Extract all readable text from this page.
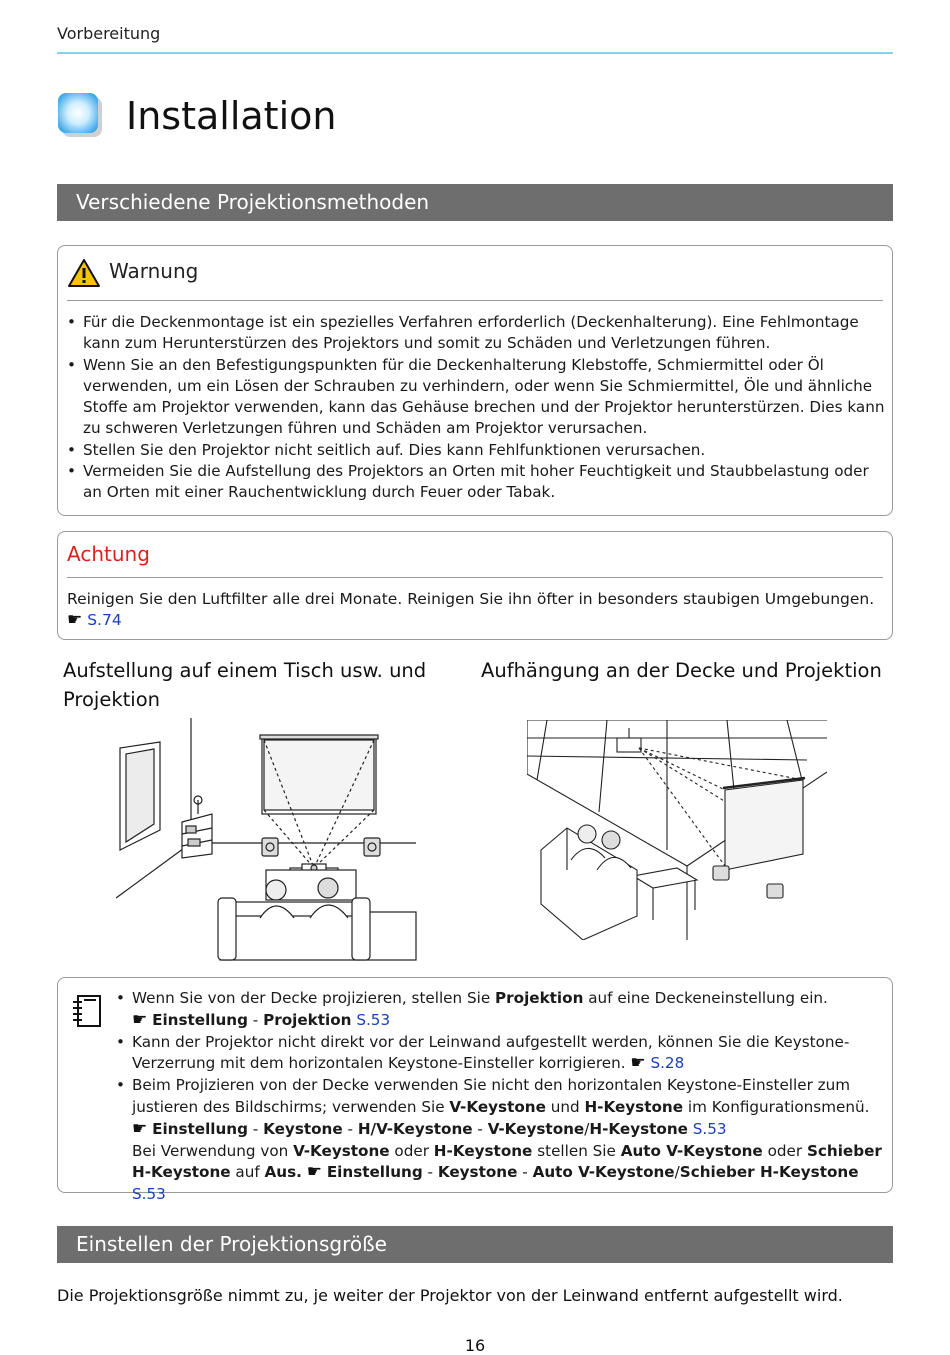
Vorbereitung
Installation
Verschiedene Projektionsmethoden
Warnung
• Für die Deckenmontage ist ein spezielles Verfahren erforderlich (Deckenhalterung). Eine Fehlmontage kann zum Herunterstürzen des Projektors und somit zu Schäden und Verletzungen führen.
• Wenn Sie an den Befestigungspunkten für die Deckenhalterung Klebstoffe, Schmiermittel oder Öl verwenden, um ein Lösen der Schrauben zu verhindern, oder wenn Sie Schmiermittel, Öle und ähnliche Stoffe am Projektor verwenden, kann das Gehäuse brechen und der Projektor herunterstürzen. Dies kann zu schweren Verletzungen führen und Schäden am Projektor verursachen.
• Stellen Sie den Projektor nicht seitlich auf. Dies kann Fehlfunktionen verursachen.
• Vermeiden Sie die Aufstellung des Projektors an Orten mit hoher Feuchtigkeit und Staubbelastung oder an Orten mit einer Rauchentwicklung durch Feuer oder Tabak.
Achtung
Reinigen Sie den Luftfilter alle drei Monate. Reinigen Sie ihn öfter in besonders staubigen Umgebungen.
☛ S.74
Aufstellung auf einem Tisch usw. und Projektion
Aufhängung an der Decke und Projektion
• Wenn Sie von der Decke projizieren, stellen Sie Projektion auf eine Deckeneinstellung ein.
☛ Einstellung - Projektion S.53
• Kann der Projektor nicht direkt vor der Leinwand aufgestellt werden, können Sie die Keystone-Verzerrung mit dem horizontalen Keystone-Einsteller korrigieren. ☛ S.28
• Beim Projizieren von der Decke verwenden Sie nicht den horizontalen Keystone-Einsteller zum justieren des Bildschirms; verwenden Sie V-Keystone und H-Keystone im Konfigurationsmenü.
☛ Einstellung - Keystone - H/V-Keystone - V-Keystone/H-Keystone S.53
Bei Verwendung von V-Keystone oder H-Keystone stellen Sie Auto V-Keystone oder Schieber H-Keystone auf Aus. ☛ Einstellung - Keystone - Auto V-Keystone/Schieber H-Keystone S.53
Einstellen der Projektionsgröße
Die Projektionsgröße nimmt zu, je weiter der Projektor von der Leinwand entfernt aufgestellt wird.
16
